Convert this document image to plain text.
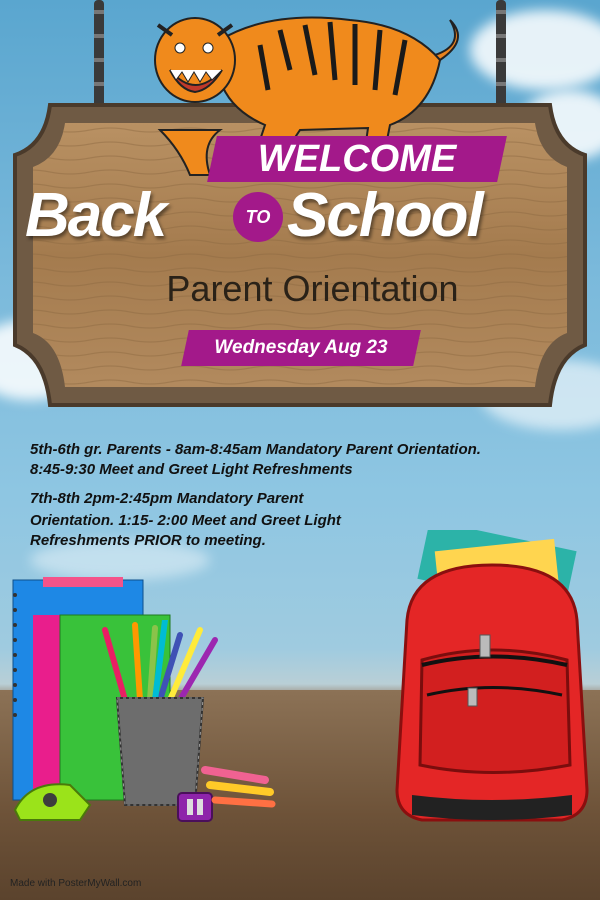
WELCOME
Back	TO School
Parent Orientation
Wednesday Aug 23
5th-6th gr. Parents - 8am-8:45am Mandatory Parent Orientation.
8:45-9:30 Meet and Greet Light Refreshments
7th-8th 2pm-2:45pm Mandatory Parent
Orientation. 1:15- 2:00 Meet and Greet Light
Refreshments PRIOR to meeting.
Made with PosterMyWall.com
